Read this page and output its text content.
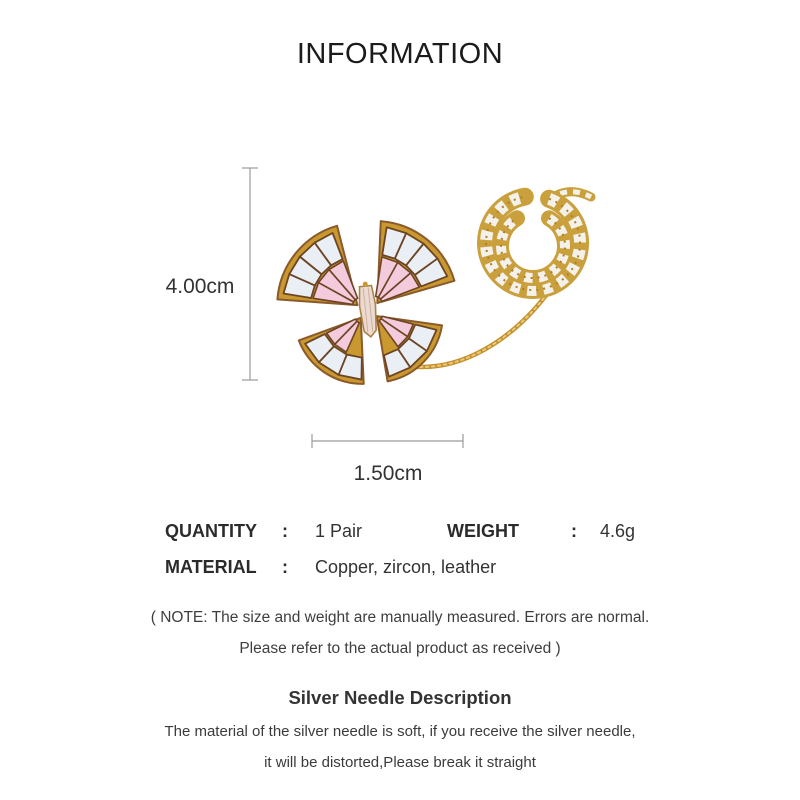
INFORMATION
4.00cm
1.50cm
QUANTITY : 1 Pair	WEIGHT	: 4.6g
MATERIAL : Copper, zircon, leather
( NOTE: The size and weight are manually measured. Errors are normal.
Please refer to the actual product as received )
Silver Needle Description
The material of the silver needle is soft, if you receive the silver needle,
it will be distorted,Please break it straight
